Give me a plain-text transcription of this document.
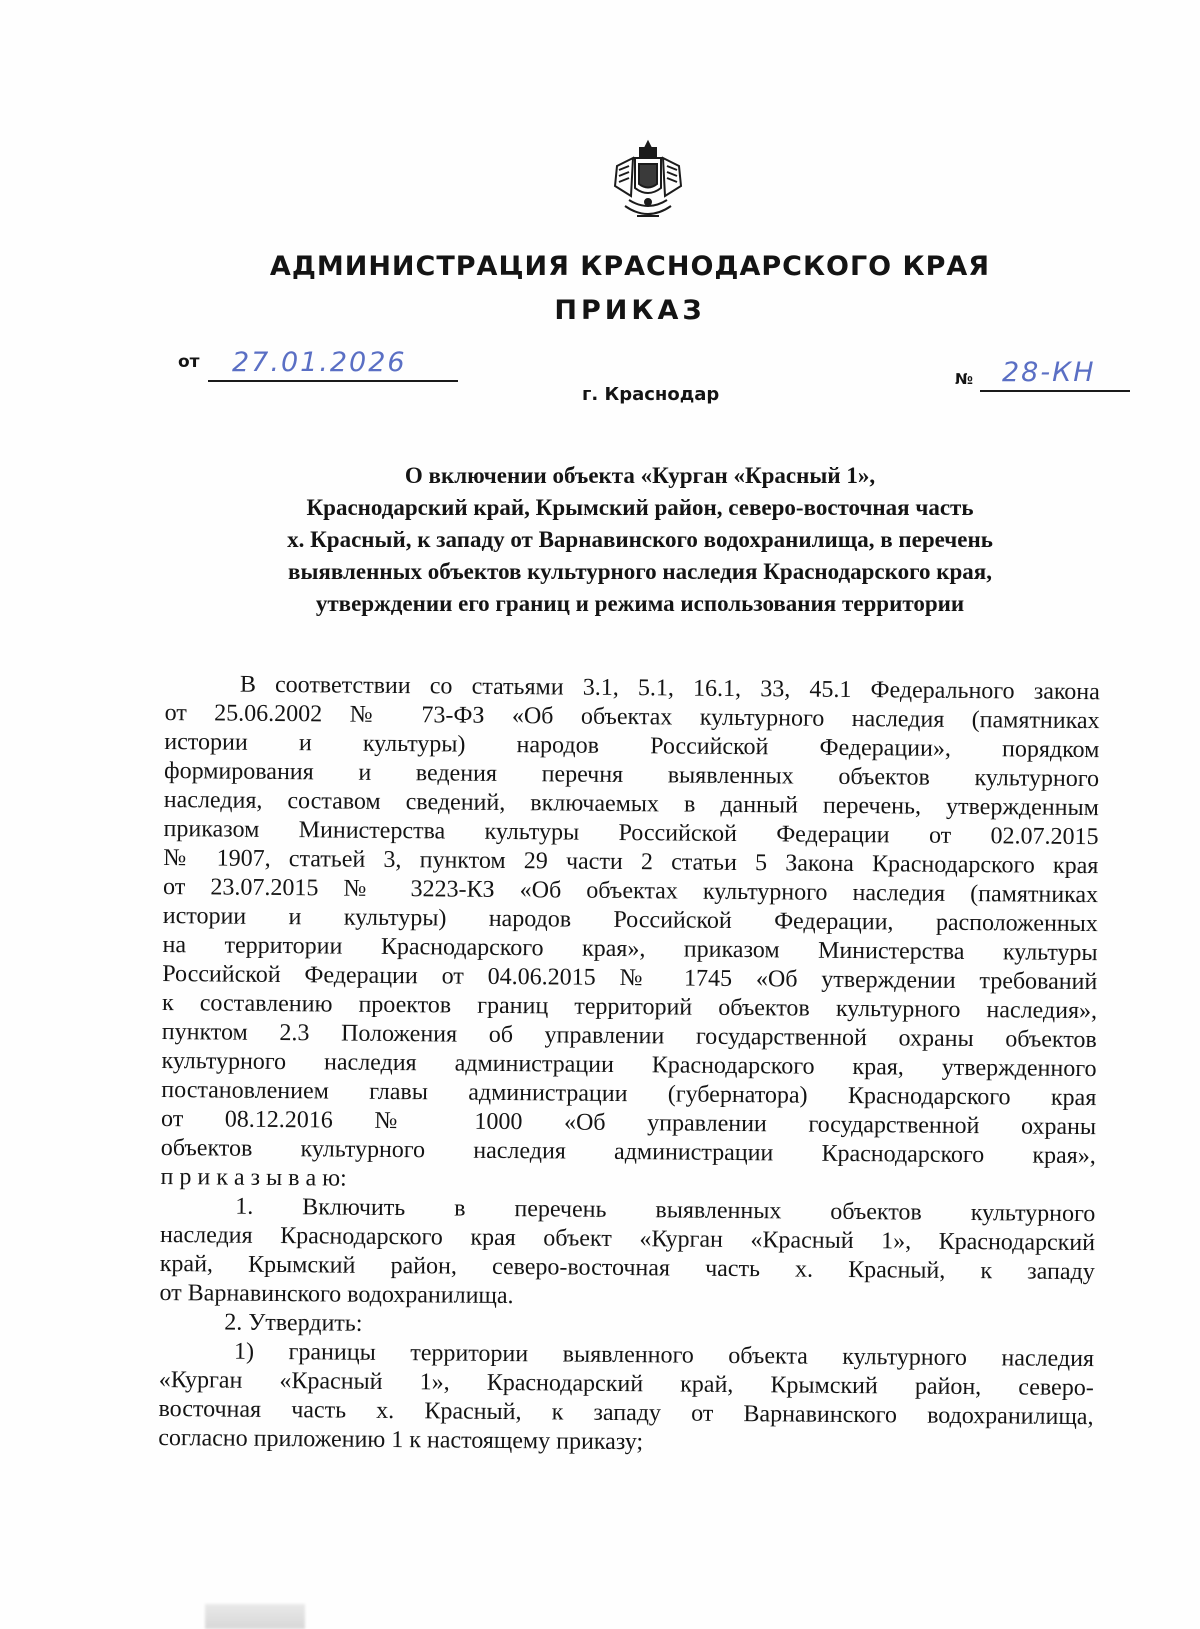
АДМИНИСТРАЦИЯ КРАСНОДАРСКОГО КРАЯ
ПРИКАЗ
от 27.01.2026
№ 28-КН
г. Краснодар
О включении объекта «Курган «Красный 1»,
Краснодарский край, Крымский район, северо-восточная часть
х. Красный, к западу от Варнавинского водохранилища, в перечень
выявленных объектов культурного наследия Краснодарского края,
утверждении его границ и режима использования территории
В соответствии со статьями 3.1, 5.1, 16.1, 33, 45.1 Федерального закона
от 25.06.2002 № 73-ФЗ «Об объектах культурного наследия (памятниках
истории и культуры) народов Российской Федерации», порядком
формирования и ведения перечня выявленных объектов культурного
наследия, составом сведений, включаемых в данный перечень, утвержденным
приказом Министерства культуры Российской Федерации от 02.07.2015
№ 1907, статьей 3, пунктом 29 части 2 статьи 5 Закона Краснодарского края
от 23.07.2015 № 3223-КЗ «Об объектах культурного наследия (памятниках
истории и культуры) народов Российской Федерации, расположенных
на территории Краснодарского края», приказом Министерства культуры
Российской Федерации от 04.06.2015 № 1745 «Об утверждении требований
к составлению проектов границ территорий объектов культурного наследия»,
пунктом 2.3 Положения об управлении государственной охраны объектов
культурного наследия администрации Краснодарского края, утвержденного
постановлением главы администрации (губернатора) Краснодарского края
от 08.12.2016 № 1000 «Об управлении государственной охраны
объектов культурного наследия администрации Краснодарского края»,
п р и к а з ы в а ю:
1. Включить в перечень выявленных объектов культурного
наследия Краснодарского края объект «Курган «Красный 1», Краснодарский
край, Крымский район, северо-восточная часть х. Красный, к западу
от Варнавинского водохранилища.
2. Утвердить:
1) границы территории выявленного объекта культурного наследия
«Курган «Красный 1», Краснодарский край, Крымский район, северо-
восточная часть х. Красный, к западу от Варнавинского водохранилища,
согласно приложению 1 к настоящему приказу;
